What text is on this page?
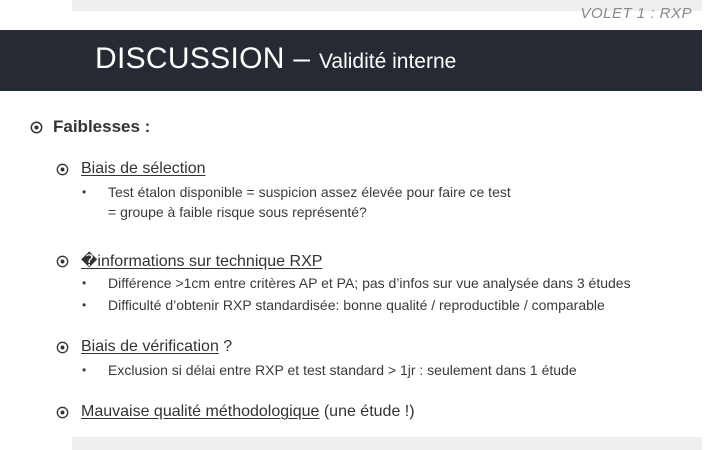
VOLET 1 : RXP
DISCUSSION – Validité interne
Faiblesses :
Biais de sélection
•	Test étalon disponible = suspicion assez élevée pour faire ce test
= groupe à faible risque sous représenté?
�informations sur technique RXP
•	Différence >1cm entre critères AP et PA; pas d’infos sur vue analysée dans 3 études
•	Difficulté d’obtenir RXP standardisée: bonne qualité / reproductible / comparable
Biais de vérification ?
•	Exclusion si délai entre RXP et test standard > 1jr : seulement dans 1 étude
Mauvaise qualité méthodologique (une étude !)
